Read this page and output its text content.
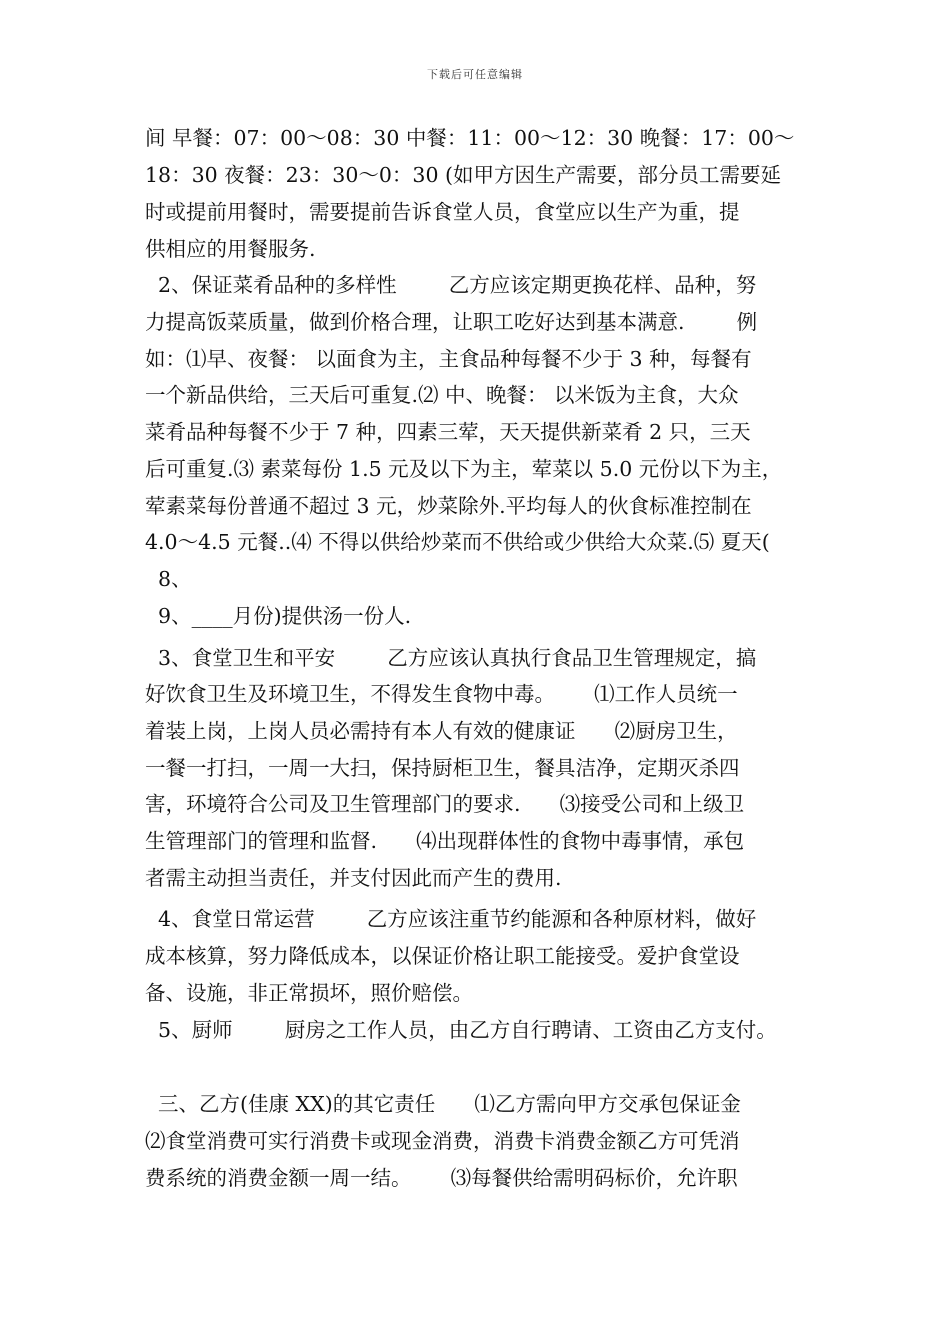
下载后可任意编辑
间 早餐：07：00～08：30 中餐：11：00～12：30 晚餐：17：00～
18：30 夜餐：23：30～0：30 (如甲方因生产需要，部分员工需要延
时或提前用餐时，需要提前告诉食堂人员，食堂应以生产为重，提
供相应的用餐服务.
2、保证菜肴品种的多样性        乙方应该定期更换花样、品种，努
力提高饭菜质量，做到价格合理，让职工吃好达到基本满意.        例
如：⑴早、夜餐： 以面食为主，主食品种每餐不少于 3 种，每餐有
一个新品供给，三天后可重复.⑵ 中、晚餐： 以米饭为主食，大众
菜肴品种每餐不少于 7 种，四素三荤，天天提供新菜肴 2 只，三天
后可重复.⑶ 素菜每份 1.5 元及以下为主，荤菜以 5.0 元份以下为主，
荤素菜每份普通不超过 3 元，炒菜除外.平均每人的伙食标准控制在
4.0～4.5 元餐..⑷ 不得以供给炒菜而不供给或少供给大众菜.⑸ 夏天(
8、
9、____月份)提供汤一份人.
3、食堂卫生和平安        乙方应该认真执行食品卫生管理规定，搞
好饮食卫生及环境卫生，不得发生食物中毒。      ⑴工作人员统一
着装上岗，上岗人员必需持有本人有效的健康证      ⑵厨房卫生，
一餐一打扫，一周一大扫，保持厨柜卫生，餐具洁净，定期灭杀四
害，环境符合公司及卫生管理部门的要求.      ⑶接受公司和上级卫
生管理部门的管理和监督.      ⑷出现群体性的食物中毒事情，承包
者需主动担当责任，并支付因此而产生的费用.
4、食堂日常运营        乙方应该注重节约能源和各种原材料，做好
成本核算，努力降低成本，以保证价格让职工能接受。爱护食堂设
备、设施，非正常损坏，照价赔偿。
5、厨师        厨房之工作人员，由乙方自行聘请、工资由乙方支付。
三、乙方(佳康 XX)的其它责任      ⑴乙方需向甲方交承包保证金
⑵食堂消费可实行消费卡或现金消费，消费卡消费金额乙方可凭消
费系统的消费金额一周一结。      ⑶每餐供给需明码标价，允许职
